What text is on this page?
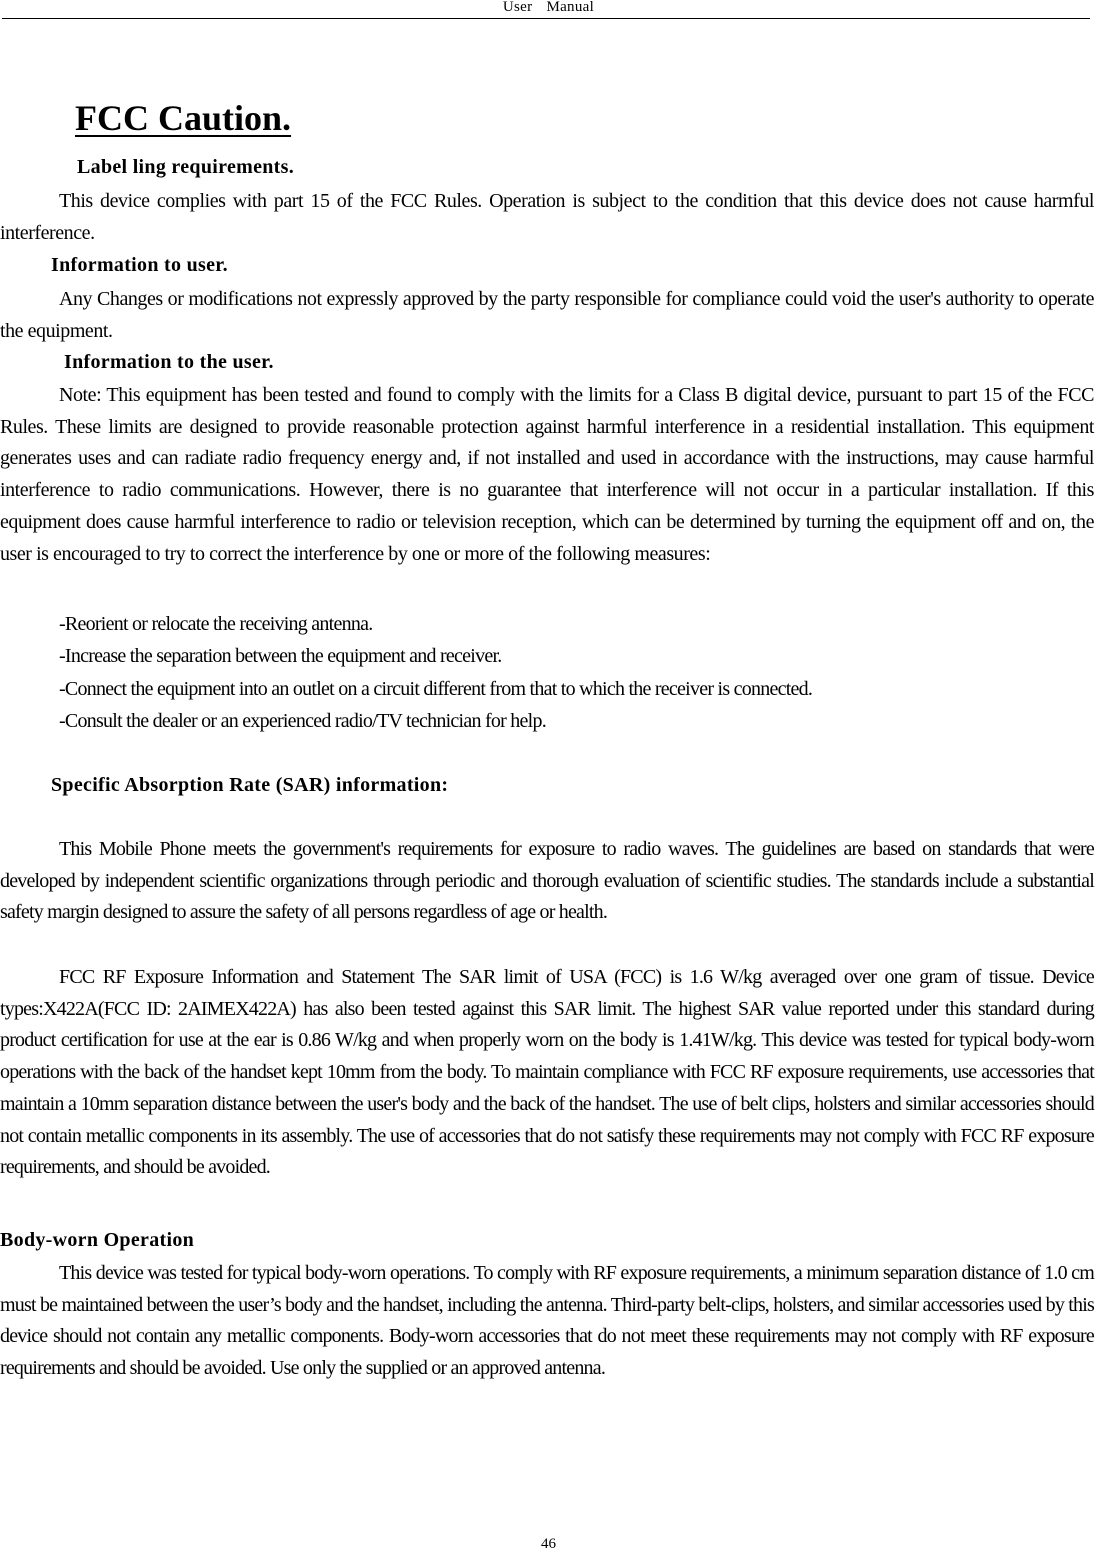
User Manual
FCC Caution.
Label ling requirements.
This device complies with part 15 of the FCC Rules. Operation is subject to the condition that this device does not cause harmful interference.
Information to user.
Any Changes or modifications not expressly approved by the party responsible for compliance could void the user's authority to operate the equipment.
Information to the user.
Note: This equipment has been tested and found to comply with the limits for a Class B digital device, pursuant to part 15 of the FCC Rules. These limits are designed to provide reasonable protection against harmful interference in a residential installation. This equipment generates uses and can radiate radio frequency energy and, if not installed and used in accordance with the instructions, may cause harmful interference to radio communications. However, there is no guarantee that interference will not occur in a particular installation. If this equipment does cause harmful interference to radio or television reception, which can be determined by turning the equipment off and on, the user is encouraged to try to correct the interference by one or more of the following measures:
-Reorient or relocate the receiving antenna.
-Increase the separation between the equipment and receiver.
-Connect the equipment into an outlet on a circuit different from that to which the receiver is connected.
-Consult the dealer or an experienced radio/TV technician for help.
Specific Absorption Rate (SAR) information:
This Mobile Phone meets the government's requirements for exposure to radio waves. The guidelines are based on standards that were developed by independent scientific organizations through periodic and thorough evaluation of scientific studies. The standards include a substantial safety margin designed to assure the safety of all persons regardless of age or health.
FCC RF Exposure Information and Statement The SAR limit of USA (FCC) is 1.6 W/kg averaged over one gram of tissue. Device types:X422A(FCC ID: 2AIMEX422A) has also been tested against this SAR limit. The highest SAR value reported under this standard during product certification for use at the ear is 0.86 W/kg and when properly worn on the body is 1.41W/kg. This device was tested for typical body-worn operations with the back of the handset kept 10mm from the body. To maintain compliance with FCC RF exposure requirements, use accessories that maintain a 10mm separation distance between the user's body and the back of the handset. The use of belt clips, holsters and similar accessories should not contain metallic components in its assembly. The use of accessories that do not satisfy these requirements may not comply with FCC RF exposure requirements, and should be avoided.
Body-worn Operation
This device was tested for typical body-worn operations. To comply with RF exposure requirements, a minimum separation distance of 1.0 cm must be maintained between the user’s body and the handset, including the antenna. Third-party belt-clips, holsters, and similar accessories used by this device should not contain any metallic components. Body-worn accessories that do not meet these requirements may not comply with RF exposure requirements and should be avoided. Use only the supplied or an approved antenna.
46
